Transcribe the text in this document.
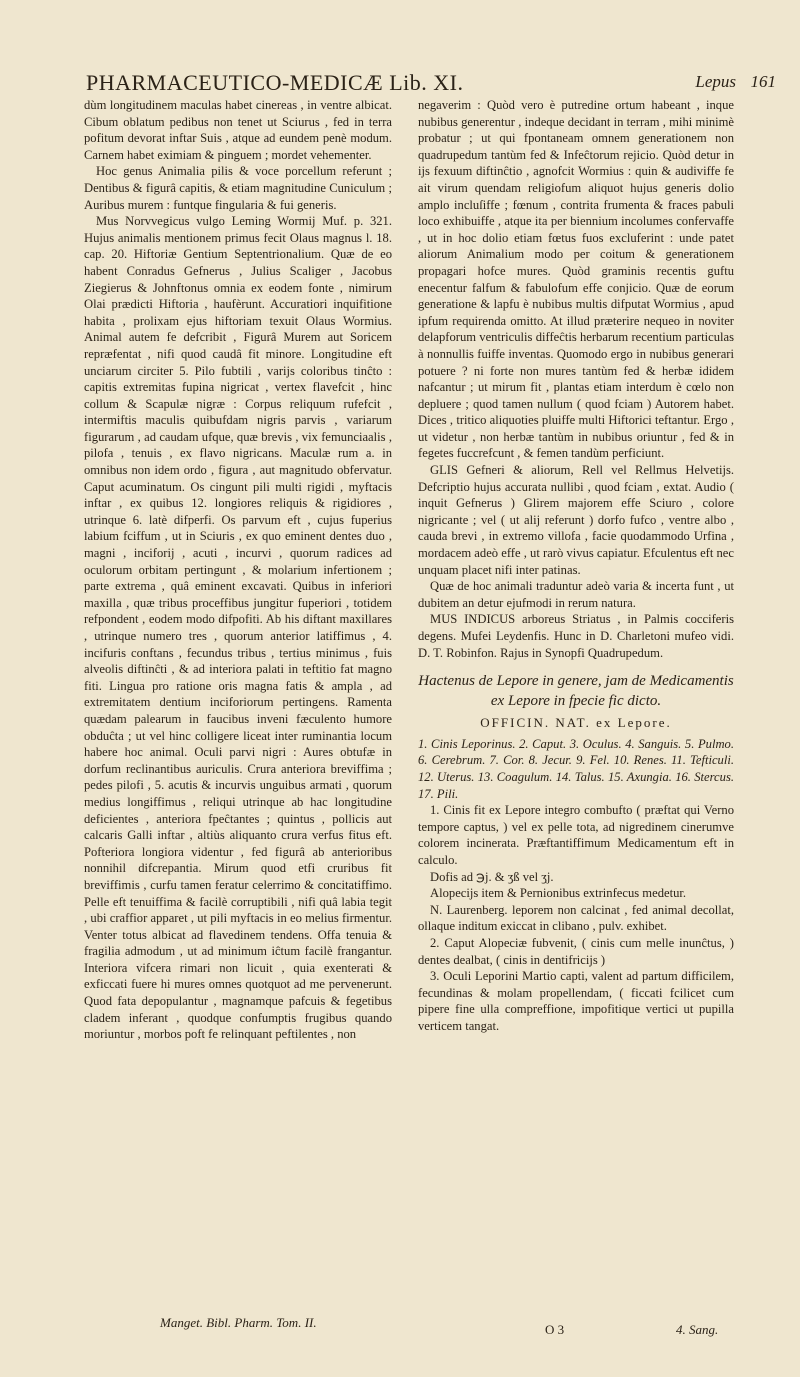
PHARMACEUTICO-MEDICÆ Lib. XI.	Lepus 161

dùm longitudinem maculas habet cinereas , in ventre albicat. Cibum oblatum pedibus non tenet ut Sciurus , fed in terra pofitum devorat inftar Suis , atque ad eundem penè modum. Carnem habet eximiam & pinguem ; mordet vehementer.

Hoc genus Animalia pilis & voce porcellum referunt ; Dentibus & figurâ capitis, & etiam magnitudine Cuniculum ; Auribus murem : funtque fingularia & fui generis.

Mus Norvvegicus vulgo Leming Wormij Muf. p. 321. Hujus animalis mentionem primus fecit Olaus magnus l. 18. cap. 20. Hiftoriæ Gentium Septentrionalium. Quæ de eo habent Conradus Gefnerus , Julius Scaliger , Jacobus Ziegierus & Johnftonus omnia ex eodem fonte , nimirum Olai prædicti Hiftoria , haufèrunt. Accuratiori inquifitione habita , prolixam ejus hiftoriam texuit Olaus Wormius. Animal autem fe defcribit , Figurâ Murem aut Soricem repræfentat , nifi quod caudâ fit minore. Longitudine eft unciarum circiter 5. Pilo fubtili , varijs coloribus tinĉto : capitis extremitas fupina nigricat , vertex flavefcit , hinc collum & Scapulæ nigræ : Corpus reliquum rufefcit , intermiftis maculis quibufdam nigris parvis , variarum figurarum , ad caudam ufque, quæ brevis , vix femunciaalis , pilofa , tenuis , ex flavo nigricans. Maculæ rum a. in omnibus non idem ordo , figura , aut magnitudo obfervatur. Caput acuminatum. Os cingunt pili multi rigidi , myftacis inftar , ex quibus 12. longiores reliquis & rigidiores , utrinque 6. latè difperfi. Os parvum eft , cujus fuperius labium fciffum , ut in Sciuris , ex quo eminent dentes duo , magni , inciforij , acuti , incurvi , quorum radices ad oculorum orbitam pertingunt , & molarium infertionem ; parte extrema , quâ eminent excavati. Quibus in inferiori maxilla , quæ tribus proceffibus jungitur fuperiori , totidem refpondent , eodem modo difpofiti. Ab his diftant maxillares , utrinque numero tres , quorum anterior latiffimus , 4. incifuris conftans , fecundus tribus , tertius minimus , fuis alveolis diftinĉti , & ad interiora palati in teftitio fat magno fiti. Lingua pro ratione oris magna fatis & ampla , ad extremitatem dentium inciforiorum pertingens. Ramenta quædam palearum in faucibus inveni fæculento humore obduĉta ; ut vel hinc colligere liceat inter ruminantia locum habere hoc animal. Oculi parvi nigri : Aures obtufæ in dorfum reclinantibus auriculis. Crura anteriora breviffima ; pedes pilofi , 5. acutis & incurvis unguibus armati , quorum medius longiffimus , reliqui utrinque ab hac longitudine deficientes , anteriora fpeĉtantes ; quintus , pollicis aut calcaris Galli inftar , altiùs aliquanto crura verfus fitus eft. Pofteriora longiora videntur , fed figurâ ab anterioribus nonnihil difcrepantia. Mirum quod etfi cruribus fit breviffimis , curfu tamen feratur celerrimo & concitatiffimo. Pelle eft tenuiffima & facilè corruptibili , nifi quâ labia tegit , ubi craffior apparet , ut pili myftacis in eo melius firmentur. Venter totus albicat ad flavedinem tendens. Offa tenuia & fragilia admodum , ut ad minimum iĉtum facilè frangantur. Interiora vifcera rimari non licuit , quia exenterati & exficcati fuere hi mures omnes quotquot ad me pervenerunt. Quod fata depopulantur , magnamque pafcuis & fegetibus cladem inferant , quodque confumptis frugibus quando moriuntur , morbos poft fe relinquant peftilentes , non

negaverim : Quòd vero è putredine ortum habeant , inque nubibus generentur , indeque decidant in terram , mihi minimè probatur ; ut qui fpontaneam omnem generationem non quadrupedum tantùm fed & Infeĉtorum rejicio. Quòd detur in ijs fexuum diftinĉtio , agnofcit Wormius : quin & audiviffe fe ait virum quendam religiofum aliquot hujus generis dolio amplo incluſiffe ; fœnum , contrita frumenta & fraces pabuli loco exhibuiffe , atque ita per biennium incolumes confervaffe , ut in hoc dolio etiam fœtus fuos excluferint : unde patet aliorum Animalium modo per coitum & generationem propagari hofce mures. Quòd graminis recentis guftu enecentur falfum & fabulofum effe conjicio. Quæ de eorum generatione & lapfu è nubibus multis difputat Wormius , apud ipfum requirenda omitto. At illud præterire nequeo in noviter delapforum ventriculis diffeĉtis herbarum recentium particulas à nonnullis fuiffe inventas. Quomodo ergo in nubibus generari potuere ? ni forte non mures tantùm fed & herbæ ididem nafcantur ; ut mirum fit , plantas etiam interdum è cœlo non depluere ; quod tamen nullum ( quod fciam ) Autorem habet. Dices , tritico aliquoties pluiffe multi Hiftorici teftantur. Ergo , ut videtur , non herbæ tantùm in nubibus oriuntur , fed & in fegetes fuccrefcunt , & femen tandùm perficiunt.

GLIS Gefneri & aliorum, Rell vel Rellmus Helvetijs. Defcriptio hujus accurata nullibi , quod fciam , extat. Audio ( inquit Gefnerus ) Glirem majorem effe Sciuro , colore nigricante ; vel ( ut alij referunt ) dorfo fufco , ventre albo , cauda brevi , in extremo villofa , facie quodammodo Urfina , mordacem adeò effe , ut rarò vivus capiatur. Efculentus eft nec unquam placet nifi inter patinas.

Quæ de hoc animali traduntur adeò varia & incerta funt , ut dubitem an detur ejufmodi in rerum natura.

MUS INDICUS arboreus Striatus , in Palmis cocciferis degens. Mufei Leydenfis. Hunc in D. Charletoni mufeo vidi. D. T. Robinfon. Rajus in Synopfi Quadrupedum.

Hactenus de Lepore in genere, jam de Medicamentis ex Lepore in fpecie fic dicto.
OFFICIN. NAT. ex Lepore.

1. Cinis Leporinus. 2. Caput. 3. Oculus. 4. Sanguis. 5. Pulmo. 6. Cerebrum. 7. Cor. 8. Jecur. 9. Fel. 10. Renes. 11. Tefticuli. 12. Uterus. 13. Coagulum. 14. Talus. 15. Axungia. 16. Stercus. 17. Pili.

1. Cinis fit ex Lepore integro combufto ( præftat qui Verno tempore captus, ) vel ex pelle tota, ad nigredinem cinerumve colorem incinerata. Præftantiffimum Medicamentum eft in calculo.

Dofis ad ℈j. & ʒß vel ʒj.

Alopecijs item & Pernionibus extrinfecus medetur.

N. Laurenberg. leporem non calcinat , fed animal decollat, ollaque inditum exiccat in clibano , pulv. exhibet.

2. Caput Alopeciæ fubvenit, ( cinis cum melle inunĉtus, ) dentes dealbat, ( cinis in dentifricijs )

3. Oculi Leporini Martio capti, valent ad partum difficilem, fecundinas & molam propellendam, ( ficcati fcilicet cum pipere fine ulla compreffione, impofitique vertici ut pupilla verticem tangat.

Manget. Bibl. Pharm. Tom. II.	O 3	4. Sang.
